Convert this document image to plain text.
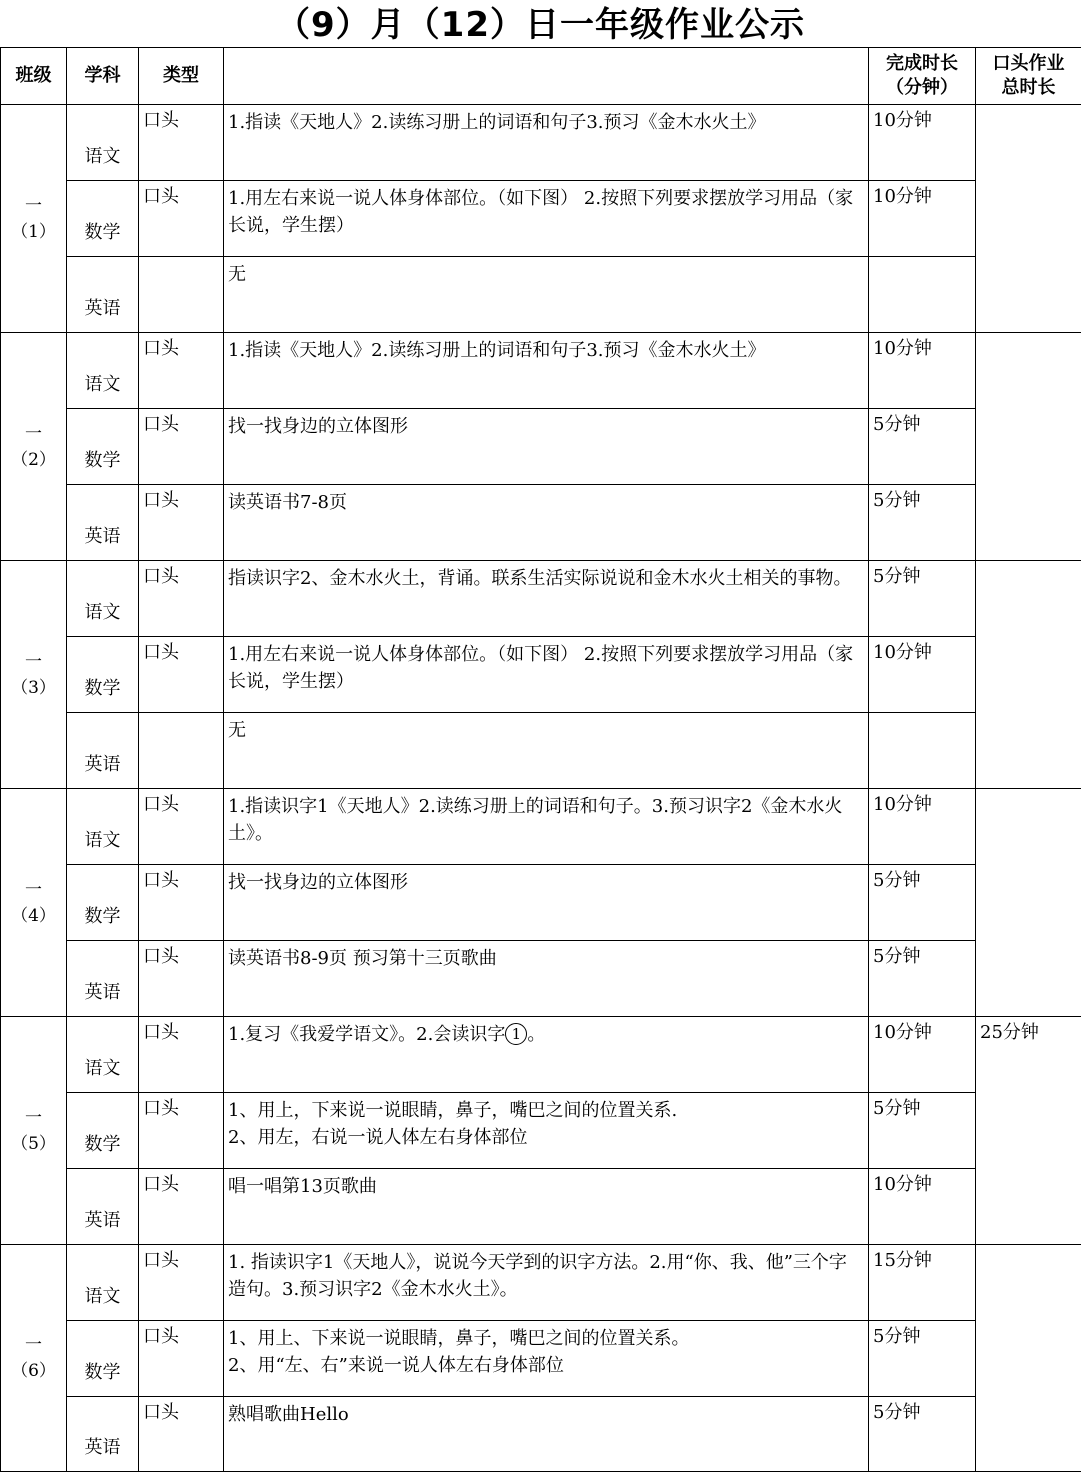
（9）月（12）日一年级作业公示
班级	学科	类型		完成时长
（分钟）	口头作业
总时长
一
（1）	语文	口头	1.指读《天地人》2.读练习册上的词语和句子3.预习《金木水火土》	10分钟	
	数学	口头	1.用左右来说一说人体身体部位。（如下图） 2.按照下列要求摆放学习用品（家长说，学生摆）	10分钟	
	英语		无		
一
（2）	语文	口头	1.指读《天地人》2.读练习册上的词语和句子3.预习《金木水火土》	10分钟	
	数学	口头	找一找身边的立体图形	5分钟	
	英语	口头	读英语书7-8页	5分钟	
一
（3）	语文	口头	指读识字2、金木水火土，背诵。联系生活实际说说和金木水火土相关的事物。	5分钟	
	数学	口头	1.用左右来说一说人体身体部位。（如下图） 2.按照下列要求摆放学习用品（家长说，学生摆）	10分钟	
	英语		无		
一
（4）	语文	口头	1.指读识字1《天地人》2.读练习册上的词语和句子。3.预习识字2《金木水火土》。	10分钟	
	数学	口头	找一找身边的立体图形	5分钟	
	英语	口头	读英语书8-9页 预习第十三页歌曲	5分钟	
一
（5）	语文	口头	1.复习《我爱学语文》。2.会读识字 1 。	10分钟	25分钟
	数学	口头	1、用上，下来说一说眼睛，鼻子，嘴巴之间的位置关系.
2、用左，右说一说人体左右身体部位	5分钟	
	英语	口头	唱一唱第13页歌曲	10分钟	
一
（6）	语文	口头	1. 指读识字1《天地人》，说说今天学到的识字方法。2.用“你、我、他”三个字造句。3.预习识字2《金木水火土》。	15分钟	
	数学	口头	1、用上、下来说一说眼睛，鼻子，嘴巴之间的位置关系。
2、用“左、右”来说一说人体左右身体部位	5分钟	
	英语	口头	熟唱歌曲Hello	5分钟	
